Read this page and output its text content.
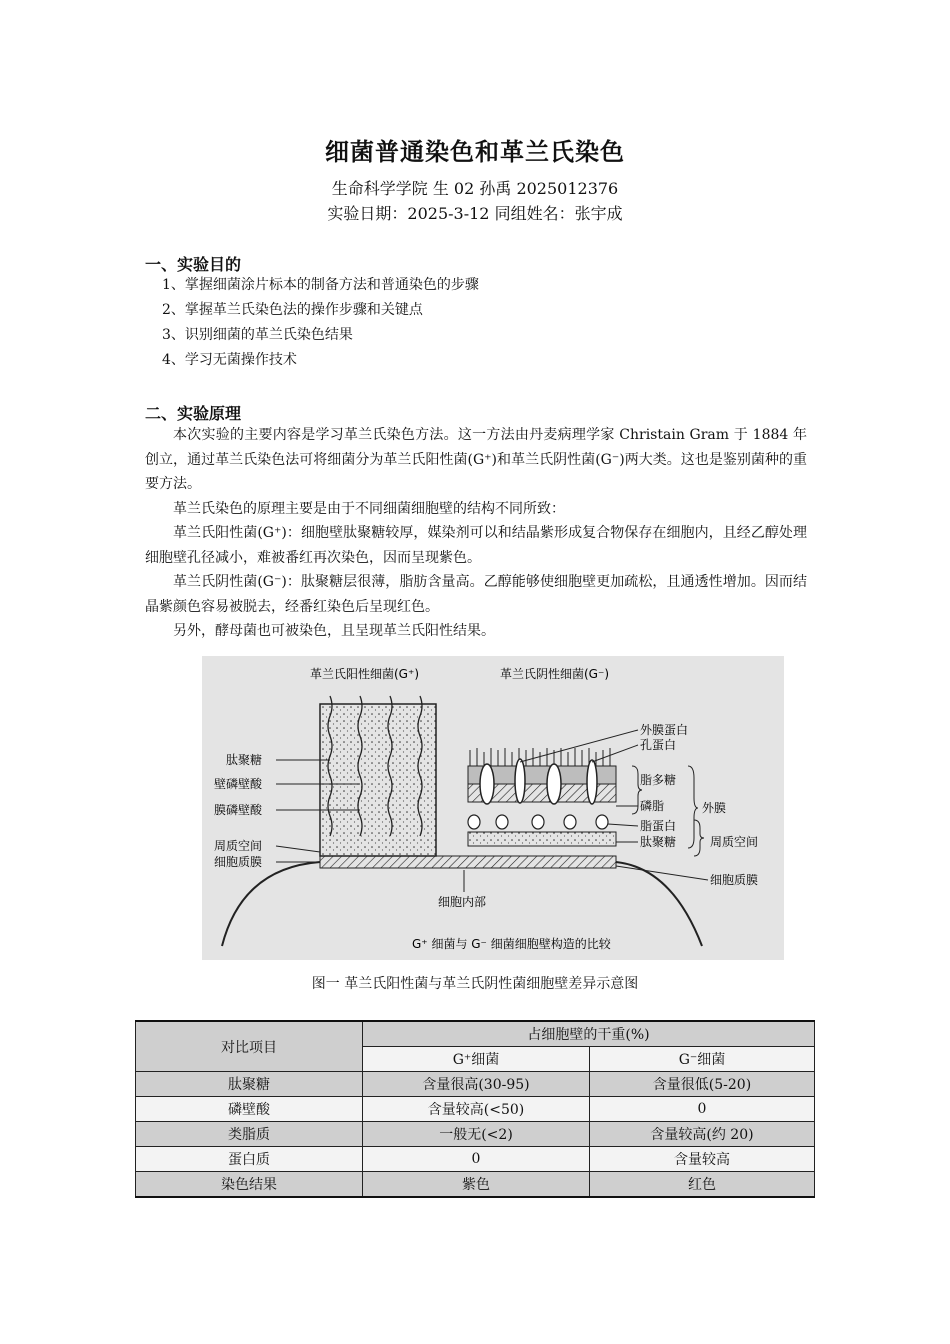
细菌普通染色和革兰氏染色
生命科学学院 生 02 孙禹 2025012376
实验日期：2025-3-12 同组姓名：张宇成
一、实验目的
1、掌握细菌涂片标本的制备方法和普通染色的步骤
2、掌握革兰氏染色法的操作步骤和关键点
3、识别细菌的革兰氏染色结果
4、学习无菌操作技术
二、实验原理

本次实验的主要内容是学习革兰氏染色方法。这一方法由丹麦病理学家 Christain Gram 于 1884 年创立，通过革兰氏染色法可将细菌分为革兰氏阳性菌(G⁺)和革兰氏阴性菌(G⁻)两大类。这也是鉴别菌种的重要方法。

革兰氏染色的原理主要是由于不同细菌细胞壁的结构不同所致：

革兰氏阳性菌(G⁺)：细胞壁肽聚糖较厚，媒染剂可以和结晶紫形成复合物保存在细胞内，且经乙醇处理细胞壁孔径减小，难被番红再次染色，因而呈现紫色。

革兰氏阴性菌(G⁻)：肽聚糖层很薄，脂肪含量高。乙醇能够使细胞壁更加疏松，且通透性增加。因而结晶紫颜色容易被脱去，经番红染色后呈现红色。

另外，酵母菌也可被染色，且呈现革兰氏阳性结果。

革兰氏阳性细菌(G⁺)	革兰氏阴性细菌(G⁻)
肽聚糖
壁磷壁酸
膜磷壁酸
周质空间
细胞质膜
外膜蛋白
孔蛋白
脂多糖
磷脂
脂蛋白
肽聚糖
细胞质膜
外膜
周质空间
细胞内部
G⁺ 细菌与 G⁻ 细菌细胞壁构造的比较
图一 革兰氏阳性菌与革兰氏阴性菌细胞壁差异示意图
对比项目	占细胞壁的干重(%)	
	G⁺细菌	G⁻细菌
肽聚糖	含量很高(30-95)	含量很低(5-20)
磷壁酸	含量较高(<50)	0
类脂质	一般无(<2)	含量较高(约 20)
蛋白质	0	含量较高
染色结果	紫色	红色
